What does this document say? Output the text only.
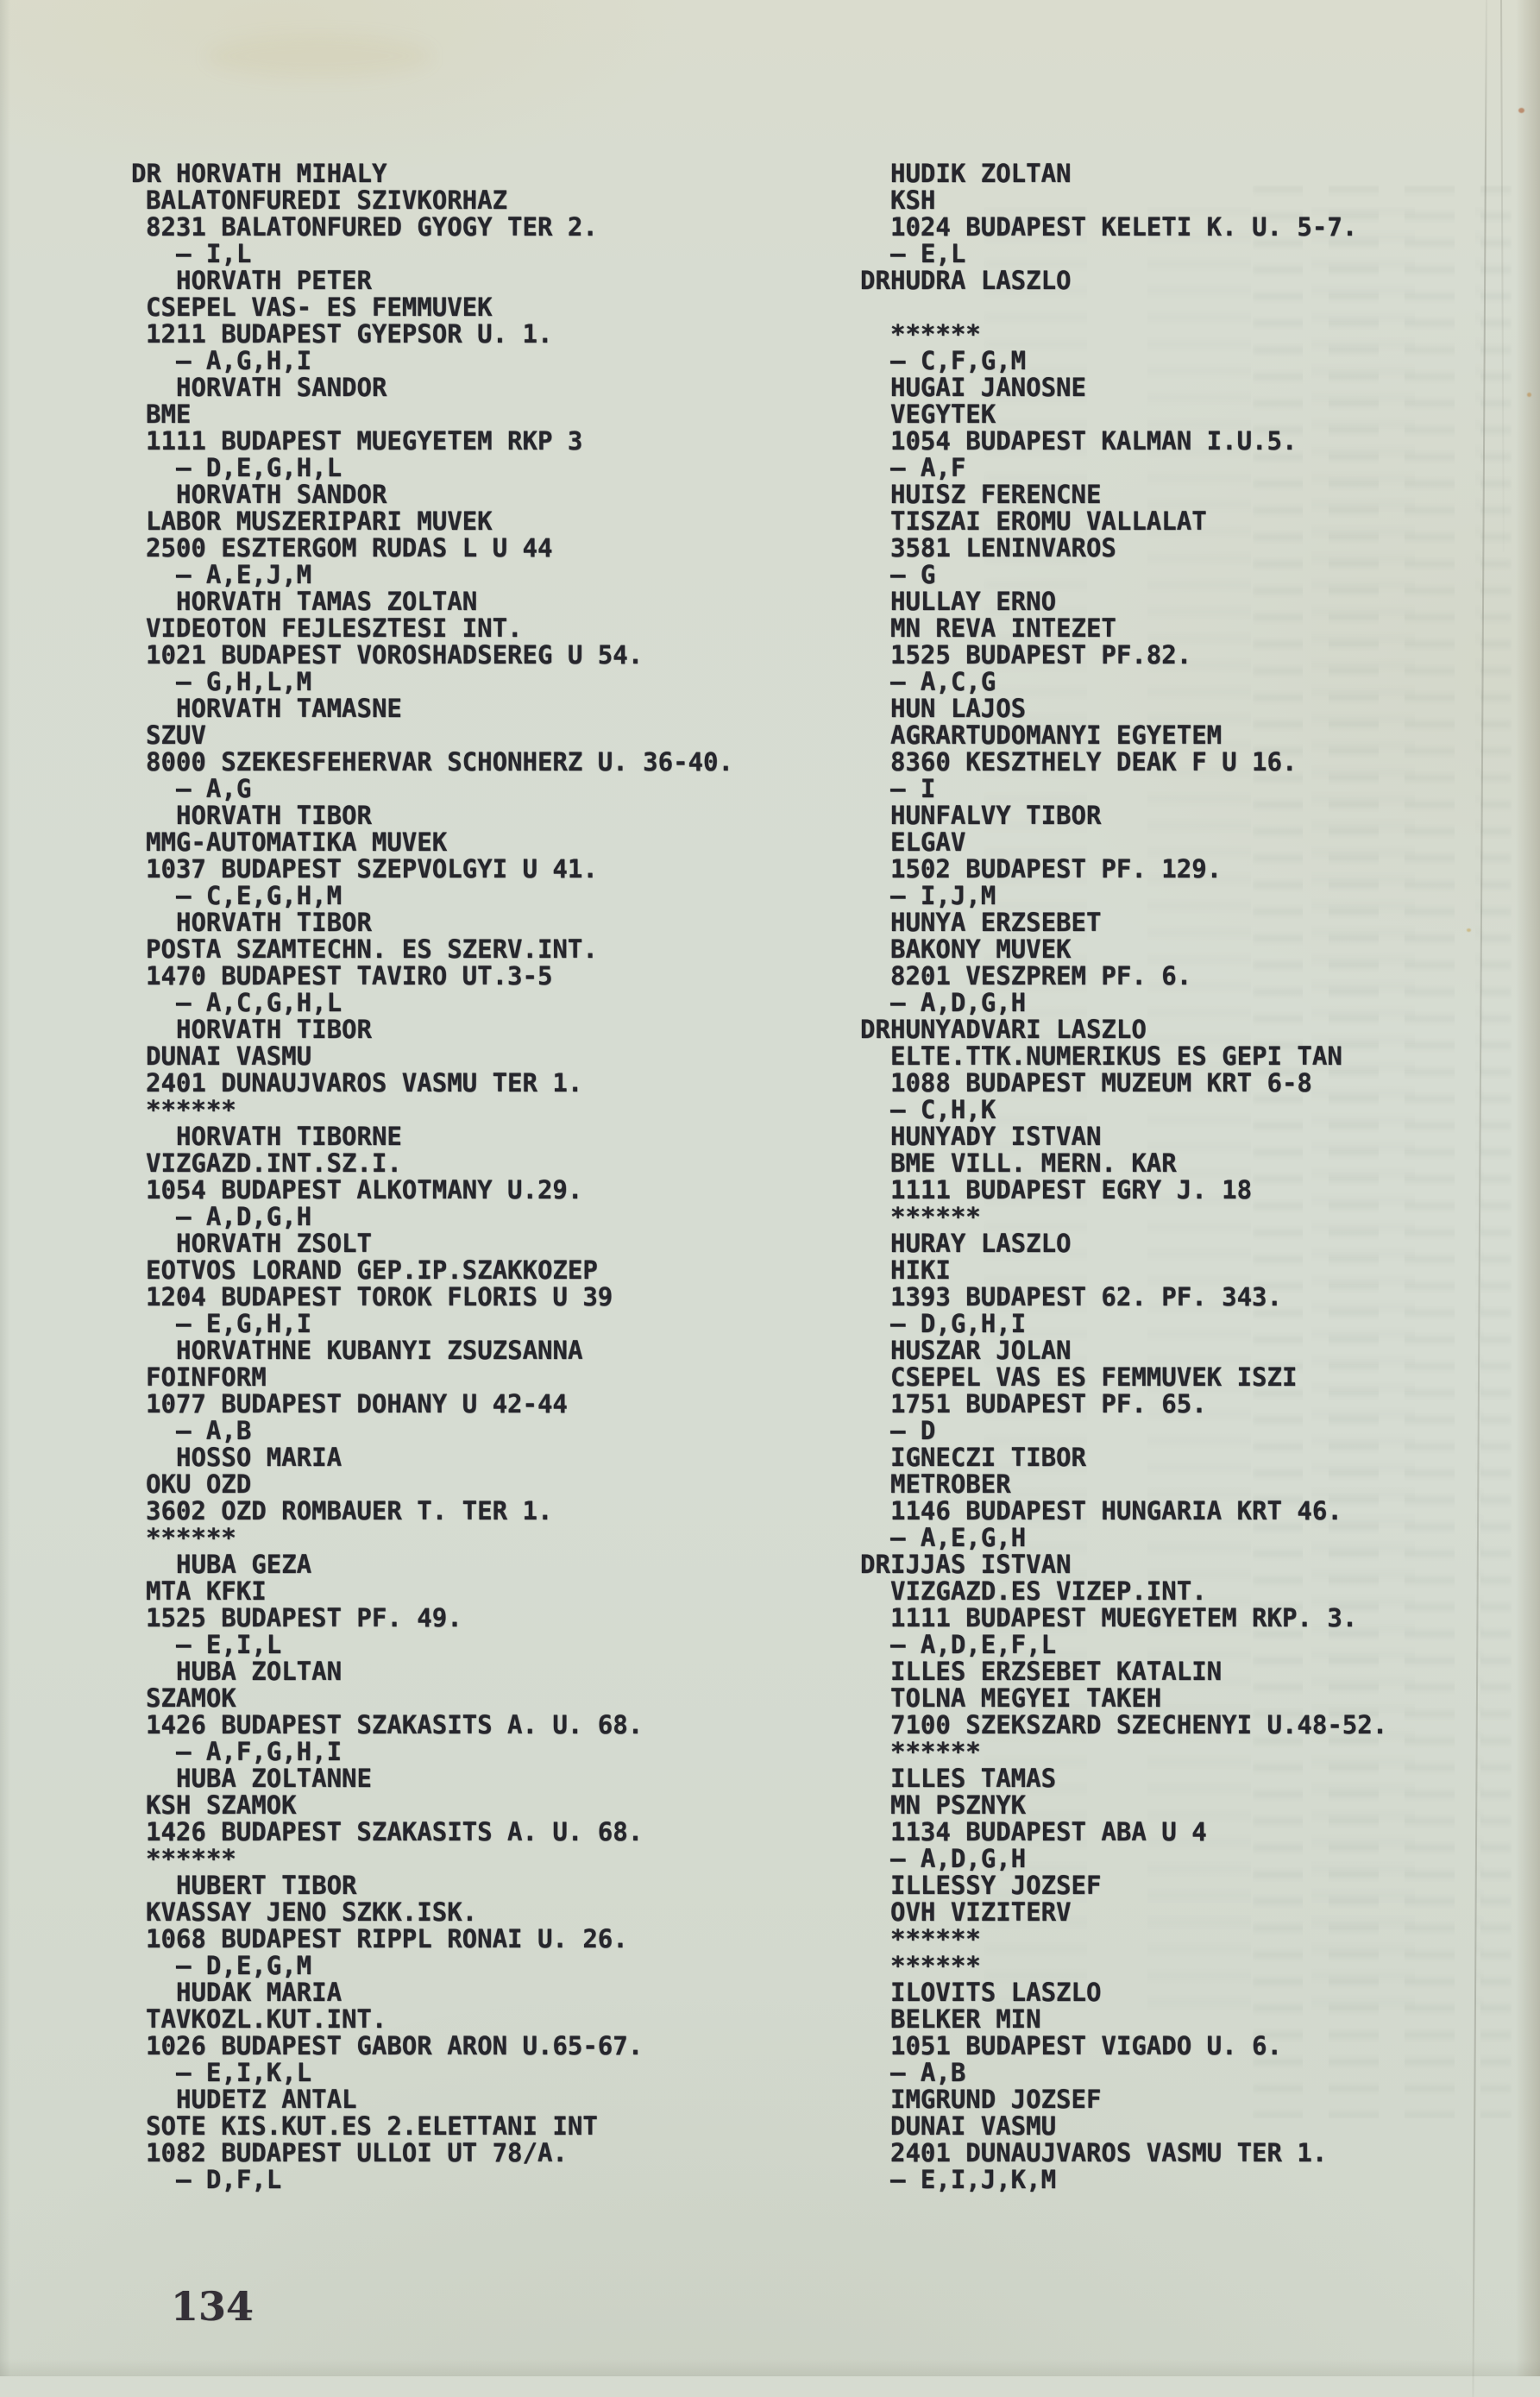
DR HORVATH MIHALY
BALATONFUREDI SZIVKORHAZ
8231 BALATONFURED GYOGY TER 2.
– I,L
HORVATH PETER
CSEPEL VAS- ES FEMMUVEK
1211 BUDAPEST GYEPSOR U. 1.
– A,G,H,I
HORVATH SANDOR
BME
1111 BUDAPEST MUEGYETEM RKP 3
– D,E,G,H,L
HORVATH SANDOR
LABOR MUSZERIPARI MUVEK
2500 ESZTERGOM RUDAS L U 44
– A,E,J,M
HORVATH TAMAS ZOLTAN
VIDEOTON FEJLESZTESI INT.
1021 BUDAPEST VOROSHADSEREG U 54.
– G,H,L,M
HORVATH TAMASNE
SZUV
8000 SZEKESFEHERVAR SCHONHERZ U. 36-40.
– A,G
HORVATH TIBOR
MMG-AUTOMATIKA MUVEK
1037 BUDAPEST SZEPVOLGYI U 41.
– C,E,G,H,M
HORVATH TIBOR
POSTA SZAMTECHN. ES SZERV.INT.
1470 BUDAPEST TAVIRO UT.3-5
– A,C,G,H,L
HORVATH TIBOR
DUNAI VASMU
2401 DUNAUJVAROS VASMU TER 1.
******
HORVATH TIBORNE
VIZGAZD.INT.SZ.I.
1054 BUDAPEST ALKOTMANY U.29.
– A,D,G,H
HORVATH ZSOLT
EOTVOS LORAND GEP.IP.SZAKKOZEP
1204 BUDAPEST TOROK FLORIS U 39
– E,G,H,I
HORVATHNE KUBANYI ZSUZSANNA
FOINFORM
1077 BUDAPEST DOHANY U 42-44
– A,B
HOSSO MARIA
OKU OZD
3602 OZD ROMBAUER T. TER 1.
******
HUBA GEZA
MTA KFKI
1525 BUDAPEST PF. 49.
– E,I,L
HUBA ZOLTAN
SZAMOK
1426 BUDAPEST SZAKASITS A. U. 68.
– A,F,G,H,I
HUBA ZOLTANNE
KSH SZAMOK
1426 BUDAPEST SZAKASITS A. U. 68.
******
HUBERT TIBOR
KVASSAY JENO SZKK.ISK.
1068 BUDAPEST RIPPL RONAI U. 26.
– D,E,G,M
HUDAK MARIA
TAVKOZL.KUT.INT.
1026 BUDAPEST GABOR ARON U.65-67.
– E,I,K,L
HUDETZ ANTAL
SOTE KIS.KUT.ES 2.ELETTANI INT
1082 BUDAPEST ULLOI UT 78/A.
– D,F,L
HUDIK ZOLTAN
KSH
1024 BUDAPEST KELETI K. U. 5-7.
– E,L
DR HUDRA LASZLO
******
– C,F,G,M
HUGAI JANOSNE
VEGYTEK
1054 BUDAPEST KALMAN I.U.5.
– A,F
HUISZ FERENCNE
TISZAI EROMU VALLALAT
3581 LENINVAROS
– G
HULLAY ERNO
MN REVA INTEZET
1525 BUDAPEST PF.82.
– A,C,G
HUN LAJOS
AGRARTUDOMANYI EGYETEM
8360 KESZTHELY DEAK F U 16.
– I
HUNFALVY TIBOR
ELGAV
1502 BUDAPEST PF. 129.
– I,J,M
HUNYA ERZSEBET
BAKONY MUVEK
8201 VESZPREM PF. 6.
– A,D,G,H
DR HUNYADVARI LASZLO
ELTE.TTK.NUMERIKUS ES GEPI TAN
1088 BUDAPEST MUZEUM KRT 6-8
– C,H,K
HUNYADY ISTVAN
BME VILL. MERN. KAR
1111 BUDAPEST EGRY J. 18
******
HURAY LASZLO
HIKI
1393 BUDAPEST 62. PF. 343.
– D,G,H,I
HUSZAR JOLAN
CSEPEL VAS ES FEMMUVEK ISZI
1751 BUDAPEST PF. 65.
– D
IGNECZI TIBOR
METROBER
1146 BUDAPEST HUNGARIA KRT 46.
– A,E,G,H
DR IJJAS ISTVAN
VIZGAZD.ES VIZEP.INT.
1111 BUDAPEST MUEGYETEM RKP. 3.
– A,D,E,F,L
ILLES ERZSEBET KATALIN
TOLNA MEGYEI TAKEH
7100 SZEKSZARD SZECHENYI U.48-52.
******
ILLES TAMAS
MN PSZNYK
1134 BUDAPEST ABA U 4
– A,D,G,H
ILLESSY JOZSEF
OVH VIZITERV
******
******
ILOVITS LASZLO
BELKER MIN
1051 BUDAPEST VIGADO U. 6.
– A,B
IMGRUND JOZSEF
DUNAI VASMU
2401 DUNAUJVAROS VASMU TER 1.
– E,I,J,K,M
134
